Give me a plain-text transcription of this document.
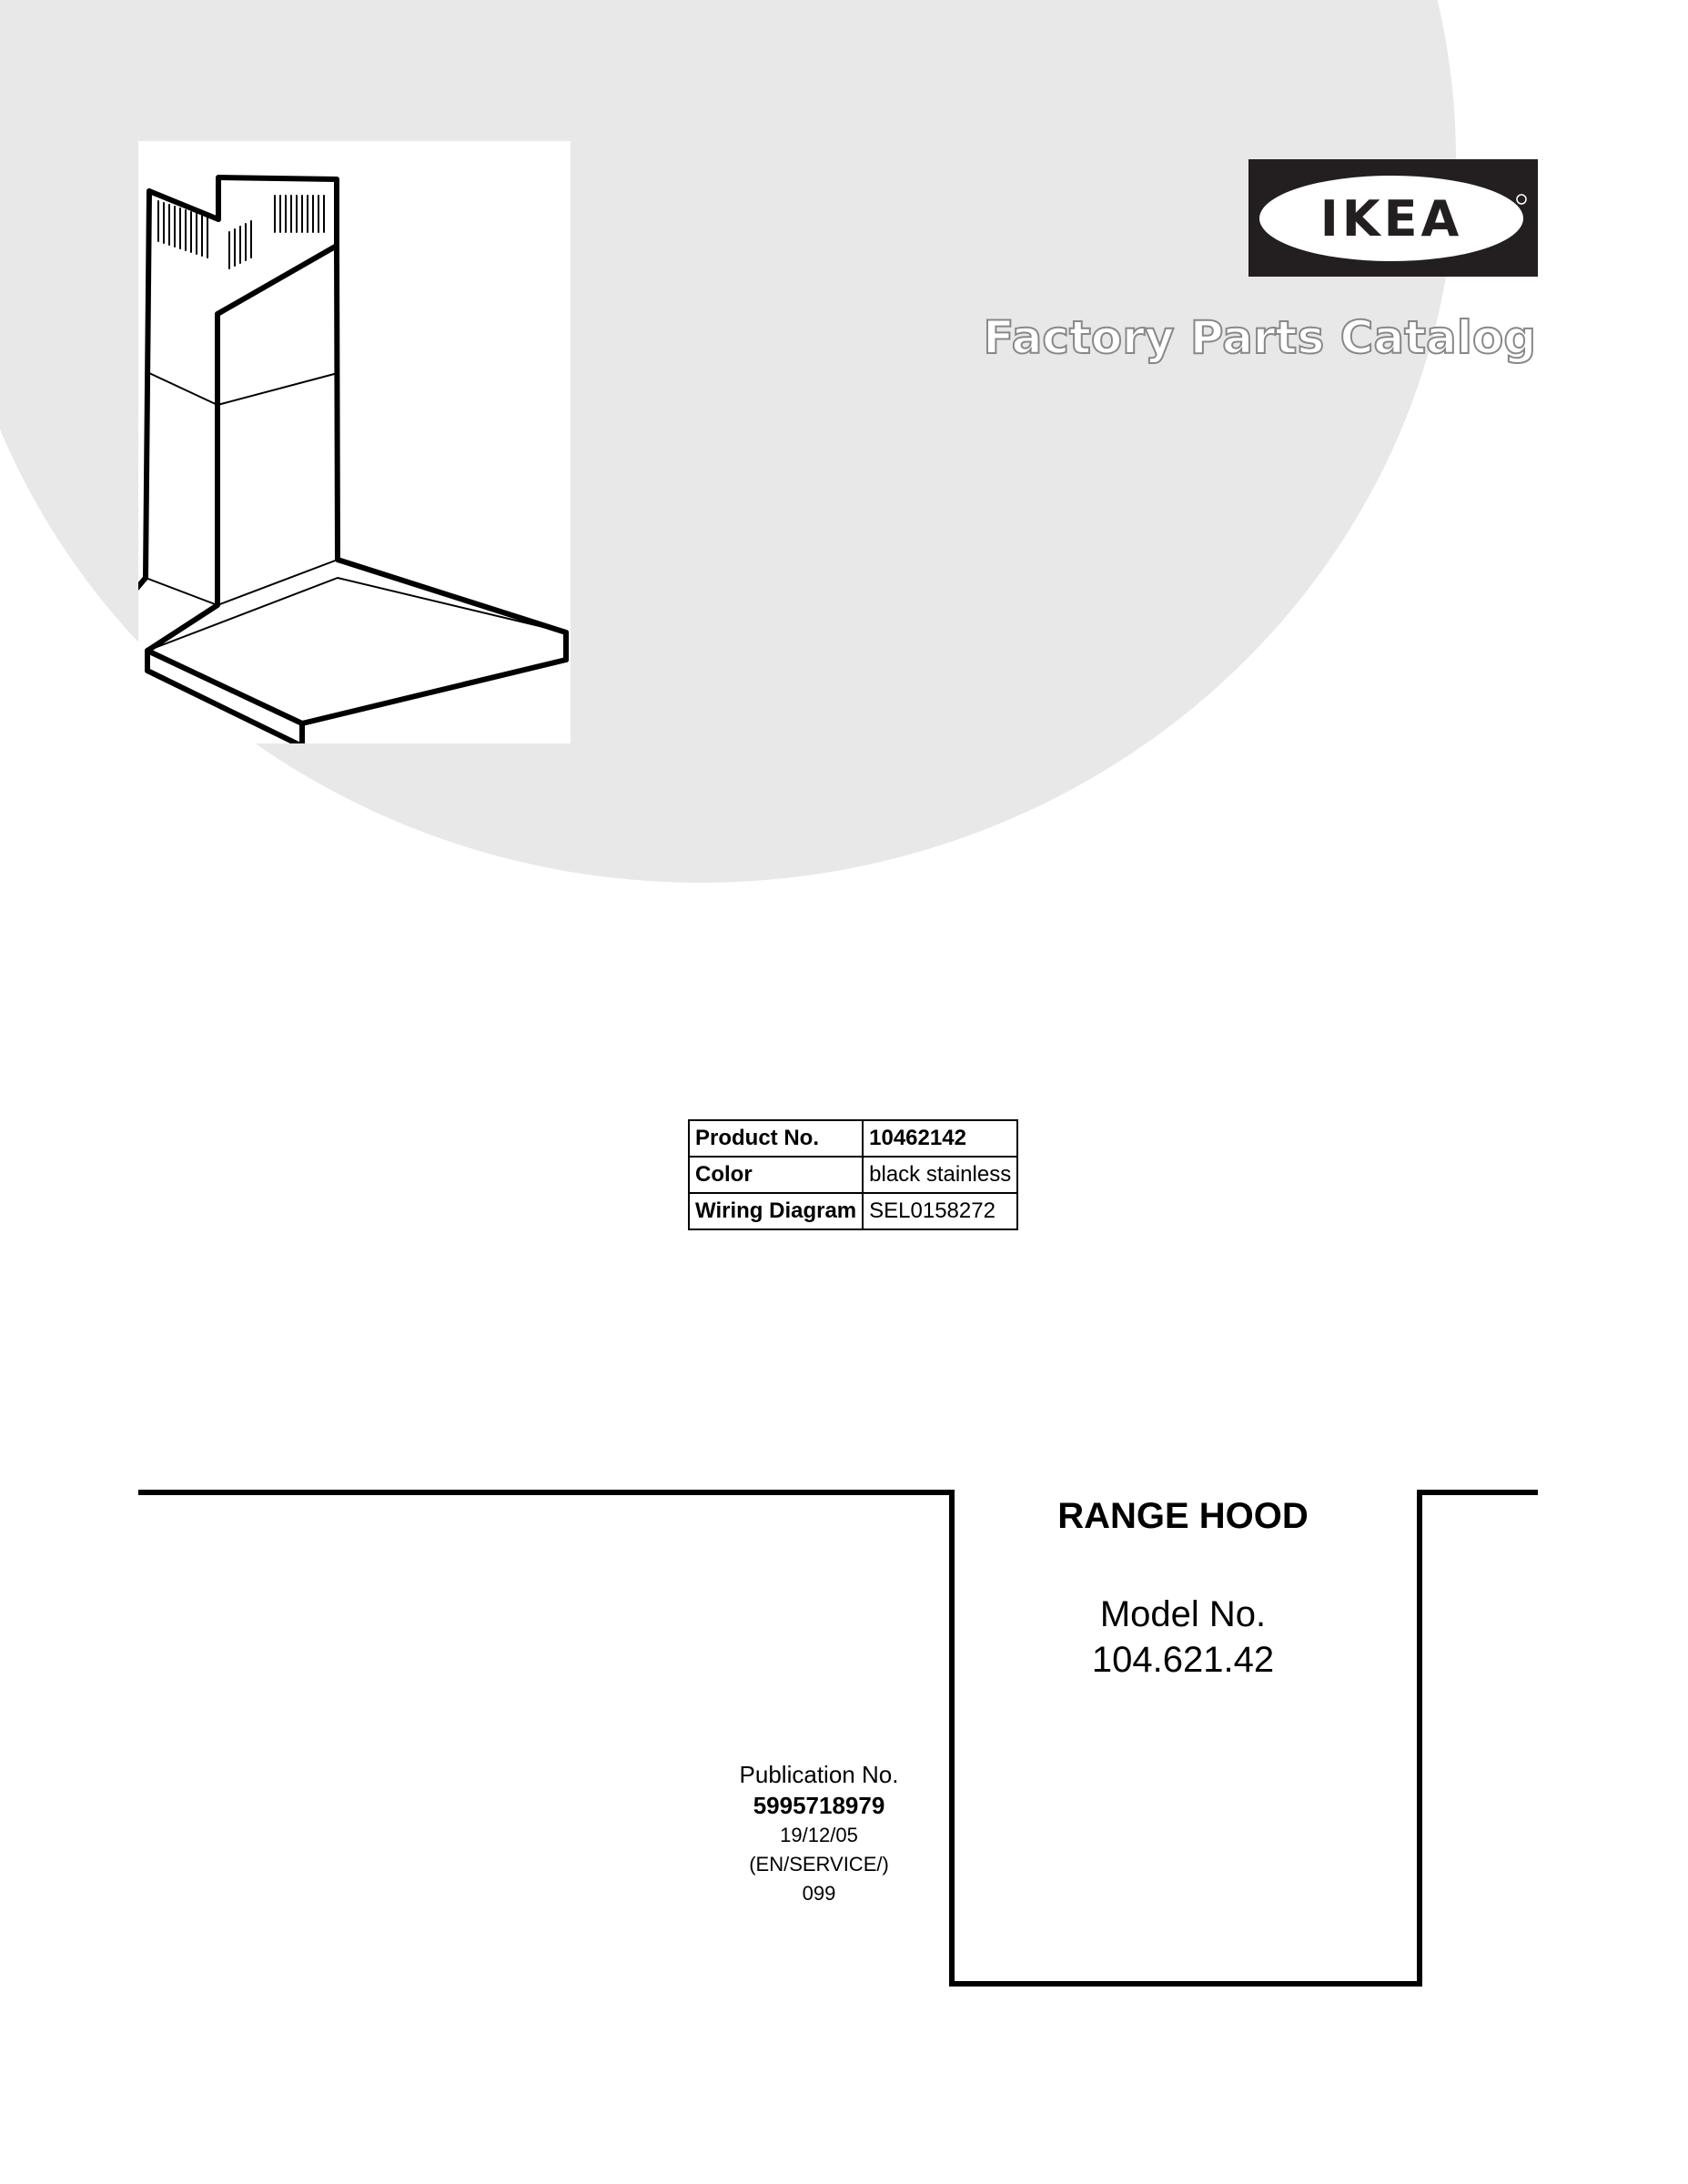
IKEA
Factory Parts Catalog
Product No.	10462142
Color	black stainless
Wiring Diagram	SEL0158272
RANGE HOOD
Model No.
104.621.42
Publication No.
5995718979
19/12/05
(EN/SERVICE/)
099
